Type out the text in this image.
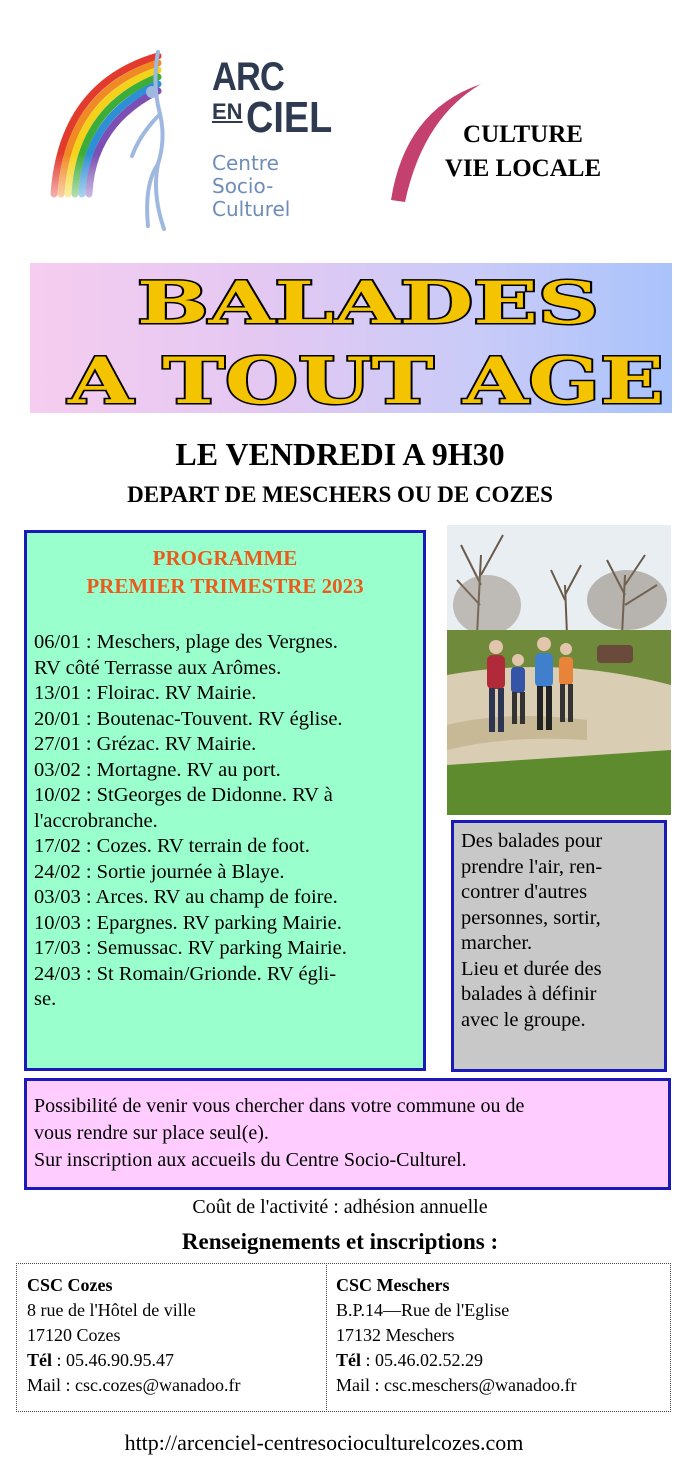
ARC
EN CIEL
Centre
Socio-
Culturel
CULTURE
VIE LOCALE
BALADES
A TOUT AGE
LE VENDREDI A 9H30
DEPART DE MESCHERS OU DE COZES
PROGRAMME
PREMIER TRIMESTRE 2023
06/01 : Meschers, plage des Vergnes.
RV côté Terrasse aux Arômes.
13/01 : Floirac. RV Mairie.
20/01 : Boutenac-Touvent. RV église.
27/01 : Grézac. RV Mairie.
03/02 : Mortagne. RV au port.
10/02 : StGeorges de Didonne. RV à
l'accrobranche.
17/02 : Cozes. RV terrain de foot.
24/02 : Sortie journée à Blaye.
03/03 : Arces. RV au champ de foire.
10/03 : Epargnes. RV parking Mairie.
17/03 : Semussac. RV parking Mairie.
24/03 : St Romain/Grionde. RV égli-
se.
Des balades pour
prendre l'air, ren-
contrer d'autres
personnes, sortir,
marcher.
Lieu et durée des
balades à définir
avec le groupe.
Possibilité de venir vous chercher dans votre commune ou de
vous rendre sur place seul(e).
Sur inscription aux accueils du Centre Socio-Culturel.
Coût de l'activité : adhésion annuelle
Renseignements et inscriptions :
CSC Cozes
8 rue de l'Hôtel de ville
17120 Cozes
Tél : 05.46.90.95.47
Mail : csc.cozes@wanadoo.fr
CSC Meschers
B.P.14—Rue de l'Eglise
17132 Meschers
Tél : 05.46.02.52.29
Mail : csc.meschers@wanadoo.fr
http://arcenciel-centresocioculturelcozes.com
